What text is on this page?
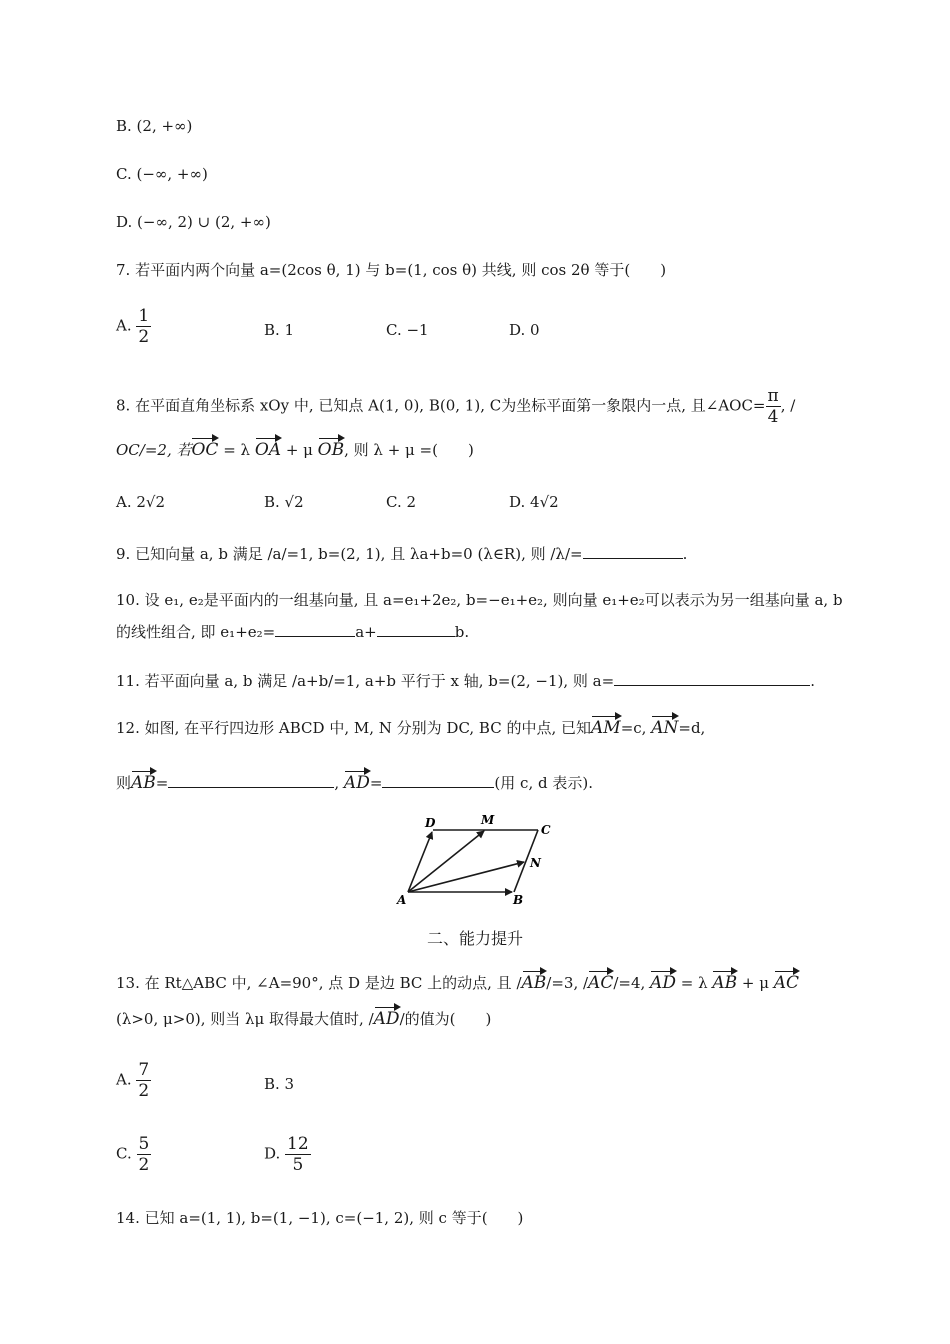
B. (2, +∞)
C. (−∞, +∞)
D. (−∞, 2) ∪ (2, +∞)
7. 若平面内两个向量 a=(2cos θ, 1) 与 b=(1, cos θ) 共线, 则 cos 2θ 等于(　　)
A. $\frac{1}{2}$	B. 1	C. −1	D. 0
8. 在平面直角坐标系 xOy 中, 已知点 A(1, 0), B(0, 1), C为坐标平面第一象限内一点, 且∠AOC= $\frac{\pi}{4}$ , /
OC/=2, 若OC = λ OA + μ OB, 则 λ + μ =(　　)
A. 2√2	B. √2	C. 2	D. 4√2
9. 已知向量 a, b 满足 /a/=1, b=(2, 1), 且 λa+b=0 (λ∈R), 则 /λ/=	.
10. 设 e₁, e₂是平面内的一组基向量, 且 a=e₁+2e₂, b=−e₁+e₂, 则向量 e₁+e₂可以表示为另一组基向量 a, b
的线性组合, 即 e₁+e₂=	a+	b.
11. 若平面向量 a, b 满足 /a+b/=1, a+b 平行于 x 轴, b=(2, −1), 则 a=	.
12. 如图, 在平行四边形 ABCD 中, M, N 分别为 DC, BC 的中点, 已知AM=c, AN=d,
则AB=	, AD=	(用 c, d 表示).
D	M
C
N
A	B
二、能力提升
13. 在 Rt△ABC 中, ∠A=90°, 点 D 是边 BC 上的动点, 且 /AB/=3, /AC/=4, AD = λ AB + μ AC
(λ>0, μ>0), 则当 λμ 取得最大值时, /AD/的值为(　　)
A. $\frac{7}{2}$	B. 3
C. $\frac{5}{2}$	D. $\frac{12}{5}$
14. 已知 a=(1, 1), b=(1, −1), c=(−1, 2), 则 c 等于(　　)
